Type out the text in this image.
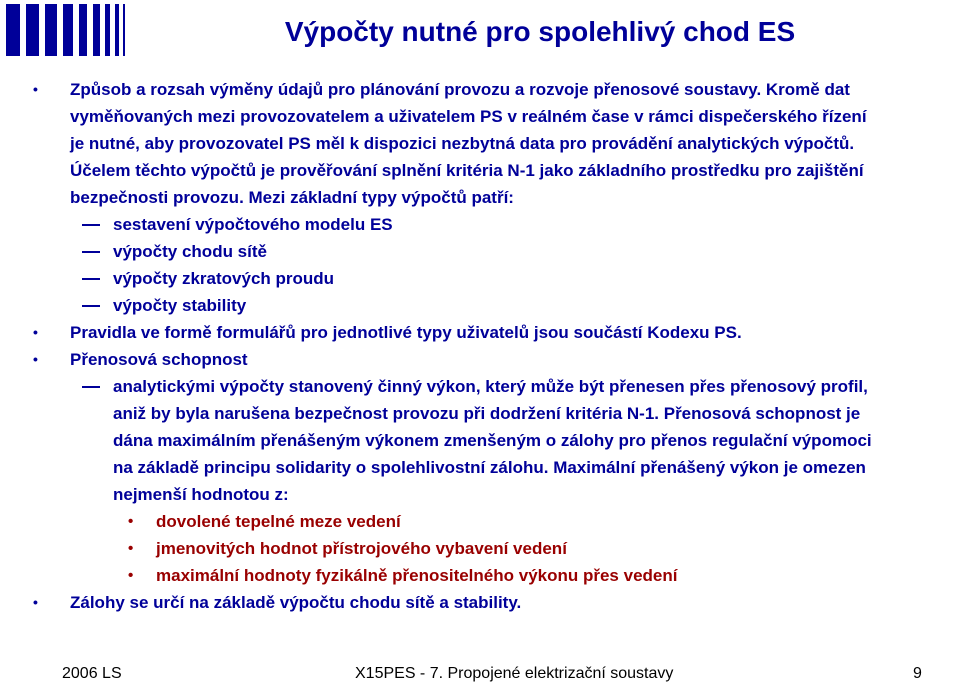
Výpočty nutné pro spolehlivý chod ES
• Způsob a rozsah výměny údajů pro plánování provozu a rozvoje přenosové soustavy. Kromě dat
vyměňovaných mezi provozovatelem a uživatelem PS v reálném čase v rámci dispečerského řízení
je nutné, aby provozovatel PS měl k dispozici nezbytná data pro provádění analytických výpočtů.
Účelem těchto výpočtů je prověřování splnění kritéria N-1 jako základního prostředku pro zajištění
bezpečnosti provozu. Mezi základní typy výpočtů patří:
sestavení výpočtového modelu ES
výpočty chodu sítě
výpočty zkratových proudu
výpočty stability
• Pravidla ve formě formulářů pro jednotlivé typy uživatelů jsou součástí Kodexu PS.
• Přenosová schopnost
analytickými výpočty stanovený činný výkon, který může být přenesen přes přenosový profil,
aniž by byla narušena bezpečnost provozu při dodržení kritéria N-1. Přenosová schopnost je
dána maximálním přenášeným výkonem zmenšeným o zálohy pro přenos regulační výpomoci
na základě principu solidarity o spolehlivostní zálohu. Maximální přenášený výkon je omezen
nejmenší hodnotou z:
• dovolené tepelné meze vedení
• jmenovitých hodnot přístrojového vybavení vedení
• maximální hodnoty fyzikálně přenositelného výkonu přes vedení
• Zálohy se určí na základě výpočtu chodu sítě a stability.
2006 LS	X15PES - 7. Propojené elektrizační soustavy	9
